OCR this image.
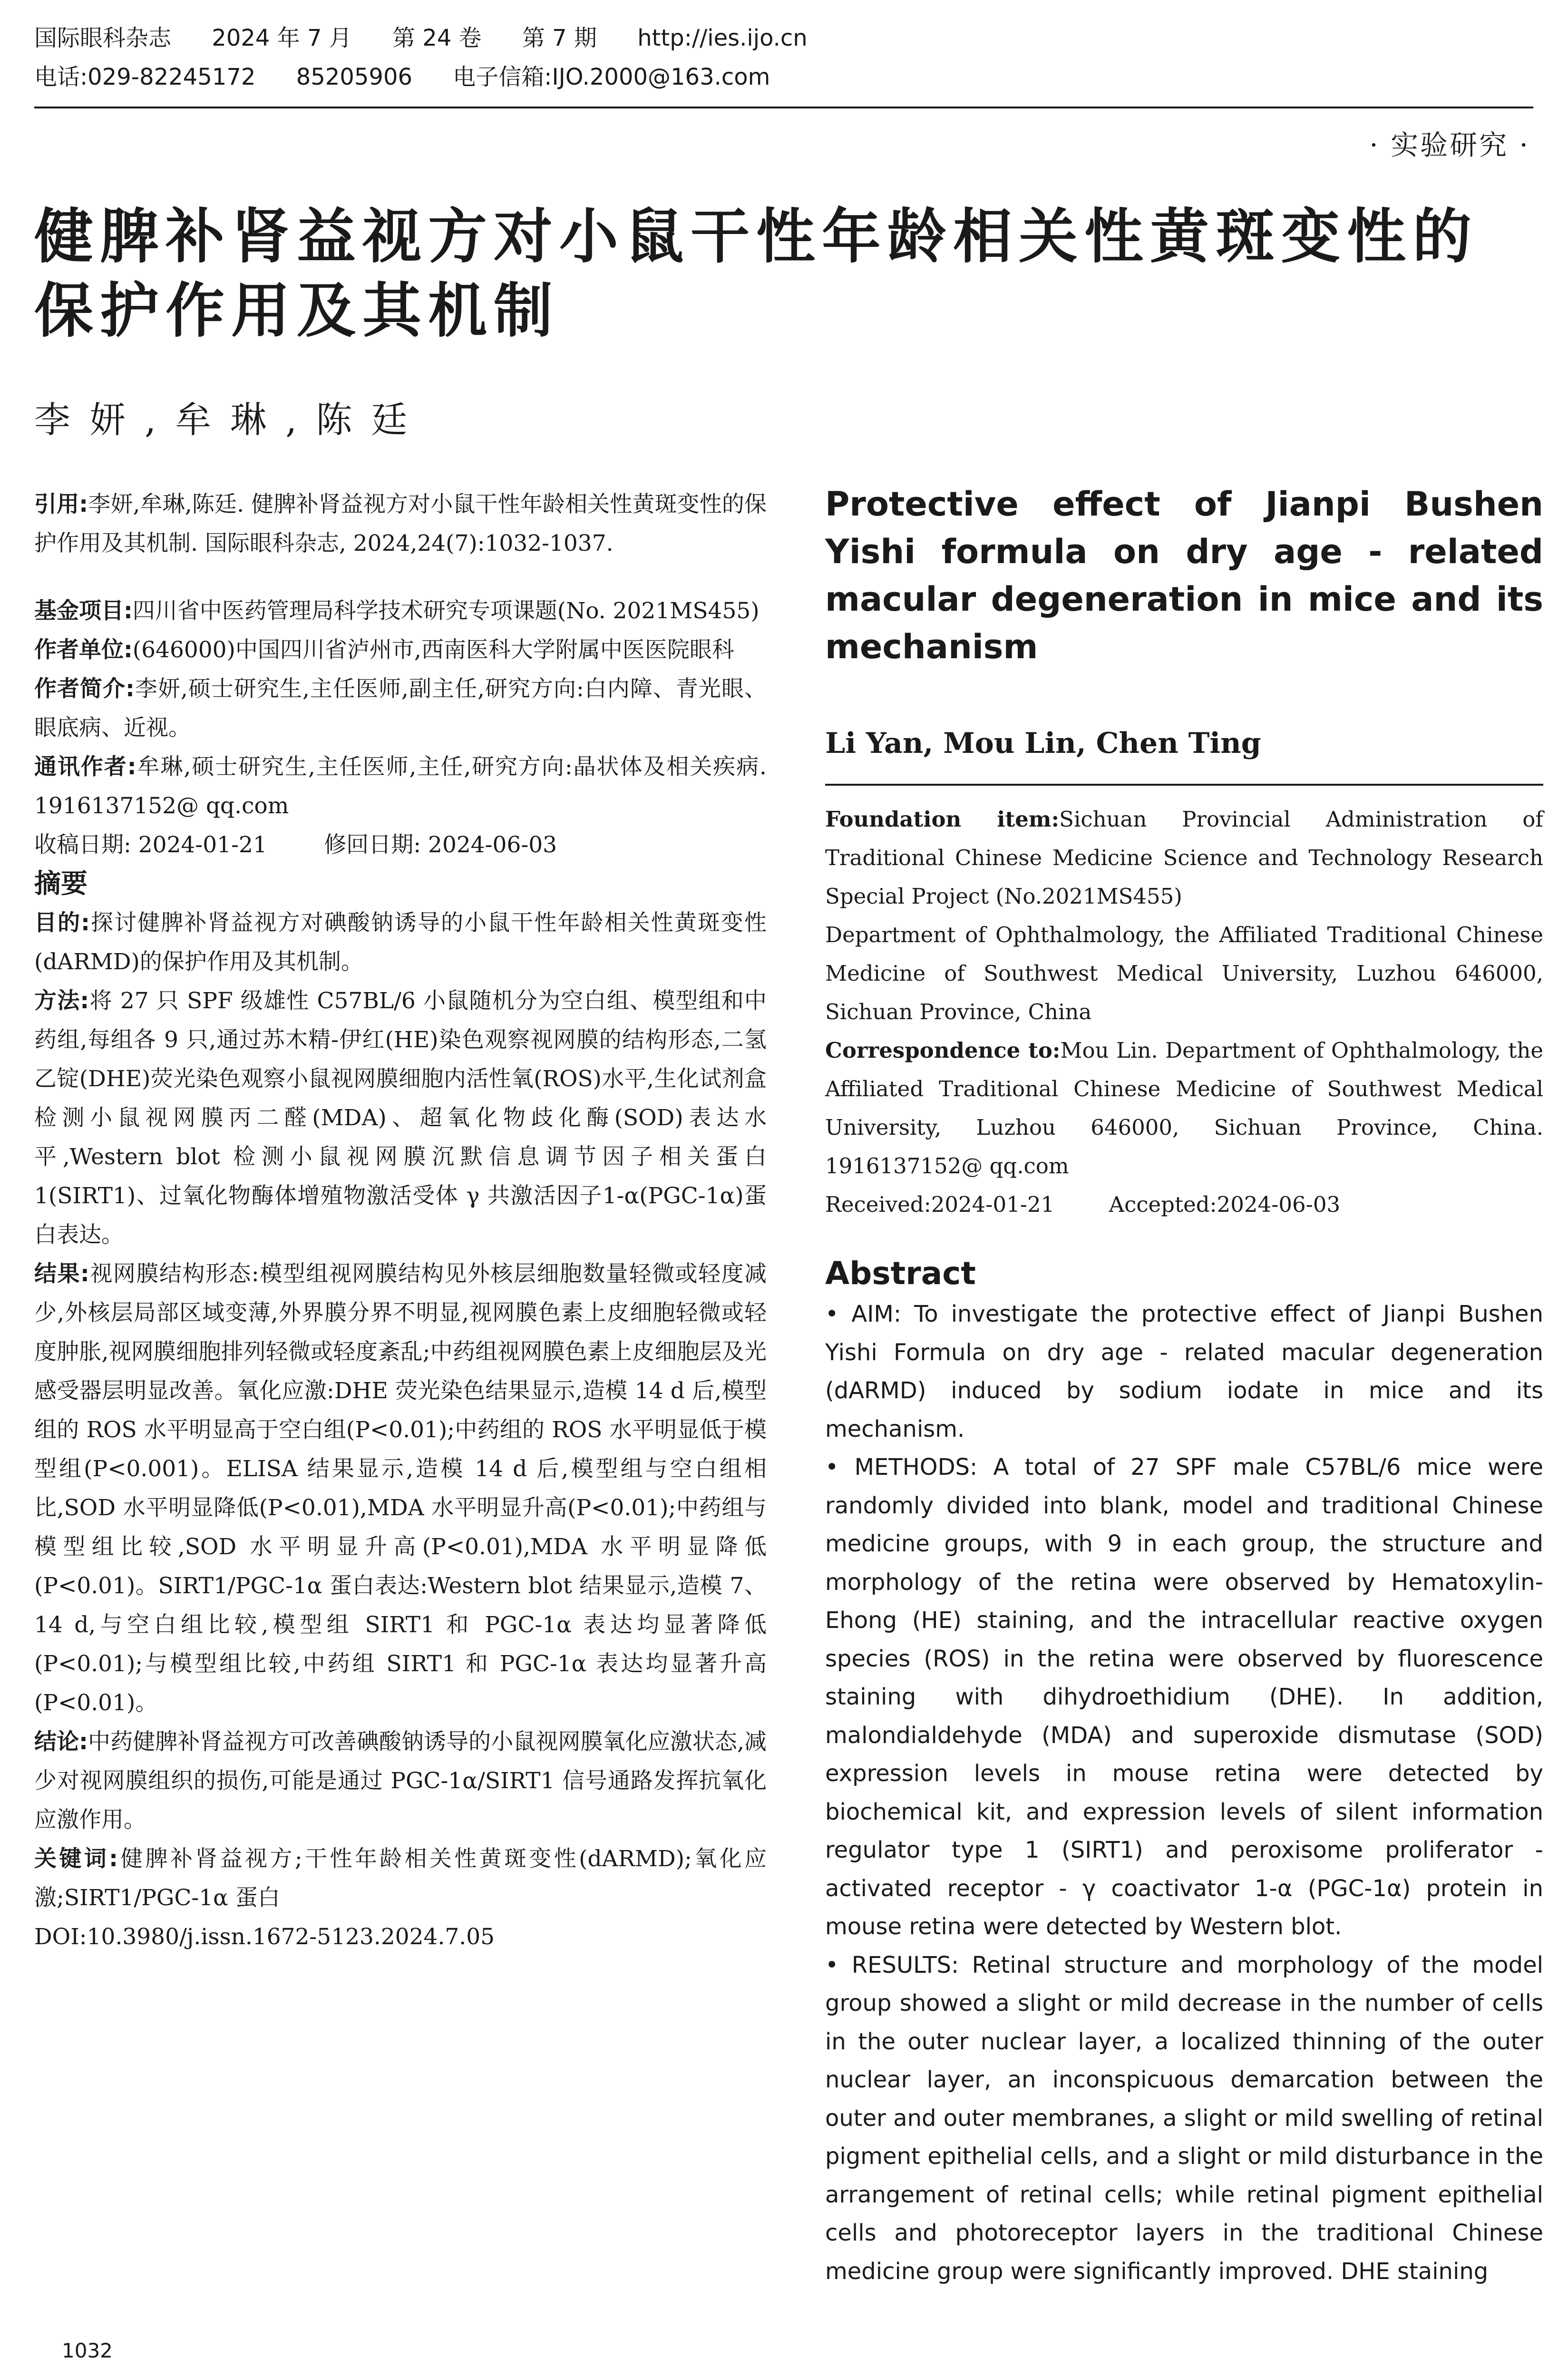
国际眼科杂志 2024 年 7 月 第 24 卷 第 7 期 http://ies.ijo.cn
电话:029-82245172 85205906 电子信箱:IJO.2000@163.com
· 实验研究 ·
健脾补肾益视方对小鼠干性年龄相关性黄斑变性的保护作用及其机制
李妍,牟琳,陈廷

引用:李妍,牟琳,陈廷. 健脾补肾益视方对小鼠干性年龄相关性黄斑变性的保护作用及其机制. 国际眼科杂志, 2024,24(7):1032-1037.

基金项目:四川省中医药管理局科学技术研究专项课题(No. 2021MS455)

作者单位:(646000)中国四川省泸州市,西南医科大学附属中医医院眼科

作者简介:李妍,硕士研究生,主任医师,副主任,研究方向:白内障、青光眼、眼底病、近视。

通讯作者:牟琳,硕士研究生,主任医师,主任,研究方向:晶状体及相关疾病. 1916137152@ qq.com

收稿日期: 2024-01-21        修回日期: 2024-06-03

摘要

目的:探讨健脾补肾益视方对碘酸钠诱导的小鼠干性年龄相关性黄斑变性(dARMD)的保护作用及其机制。

方法:将 27 只 SPF 级雄性 C57BL/6 小鼠随机分为空白组、模型组和中药组,每组各 9 只,通过苏木精-伊红(HE)染色观察视网膜的结构形态,二氢乙锭(DHE)荧光染色观察小鼠视网膜细胞内活性氧(ROS)水平,生化试剂盒检测小鼠视网膜丙二醛(MDA)、超氧化物歧化酶(SOD)表达水平,Western blot 检测小鼠视网膜沉默信息调节因子相关蛋白 1(SIRT1)、过氧化物酶体增殖物激活受体 γ 共激活因子1-α(PGC-1α)蛋白表达。

结果:视网膜结构形态:模型组视网膜结构见外核层细胞数量轻微或轻度减少,外核层局部区域变薄,外界膜分界不明显,视网膜色素上皮细胞轻微或轻度肿胀,视网膜细胞排列轻微或轻度紊乱;中药组视网膜色素上皮细胞层及光感受器层明显改善。氧化应激:DHE 荧光染色结果显示,造模 14 d 后,模型组的 ROS 水平明显高于空白组(P<0.01);中药组的 ROS 水平明显低于模型组(P<0.001)。ELISA 结果显示,造模 14 d 后,模型组与空白组相比,SOD 水平明显降低(P<0.01),MDA 水平明显升高(P<0.01);中药组与模型组比较,SOD 水平明显升高(P<0.01),MDA 水平明显降低(P<0.01)。SIRT1/PGC-1α 蛋白表达:Western blot 结果显示,造模 7、14 d,与空白组比较,模型组 SIRT1 和 PGC-1α 表达均显著降低(P<0.01);与模型组比较,中药组 SIRT1 和 PGC-1α 表达均显著升高(P<0.01)。

结论:中药健脾补肾益视方可改善碘酸钠诱导的小鼠视网膜氧化应激状态,减少对视网膜组织的损伤,可能是通过 PGC-1α/SIRT1 信号通路发挥抗氧化应激作用。

关键词:健脾补肾益视方;干性年龄相关性黄斑变性(dARMD);氧化应激;SIRT1/PGC-1α 蛋白

DOI:10.3980/j.issn.1672-5123.2024.7.05

Protective effect of Jianpi Bushen Yishi formula on dry age - related macular degeneration in mice and its mechanism
Li Yan, Mou Lin, Chen Ting

Foundation item:Sichuan Provincial Administration of Traditional Chinese Medicine Science and Technology Research Special Project (No.2021MS455)

Department of Ophthalmology, the Affiliated Traditional Chinese Medicine of Southwest Medical University, Luzhou 646000, Sichuan Province, China

Correspondence to:Mou Lin. Department of Ophthalmology, the Affiliated Traditional Chinese Medicine of Southwest Medical University, Luzhou 646000, Sichuan Province, China. 1916137152@ qq.com

Received:2024-01-21        Accepted:2024-06-03

Abstract

• AIM: To investigate the protective effect of Jianpi Bushen Yishi Formula on dry age - related macular degeneration (dARMD) induced by sodium iodate in mice and its mechanism.

• METHODS: A total of 27 SPF male C57BL/6 mice were randomly divided into blank, model and traditional Chinese medicine groups, with 9 in each group, the structure and morphology of the retina were observed by Hematoxylin-Ehong (HE) staining, and the intracellular reactive oxygen species (ROS) in the retina were observed by fluorescence staining with dihydroethidium (DHE). In addition, malondialdehyde (MDA) and superoxide dismutase (SOD) expression levels in mouse retina were detected by biochemical kit, and expression levels of silent information regulator type 1 (SIRT1) and peroxisome proliferator - activated receptor - γ coactivator 1-α (PGC-1α) protein in mouse retina were detected by Western blot.

• RESULTS: Retinal structure and morphology of the model group showed a slight or mild decrease in the number of cells in the outer nuclear layer, a localized thinning of the outer nuclear layer, an inconspicuous demarcation between the outer and outer membranes, a slight or mild swelling of retinal pigment epithelial cells, and a slight or mild disturbance in the arrangement of retinal cells; while retinal pigment epithelial cells and photoreceptor layers in the traditional Chinese medicine group were significantly improved. DHE staining

1032
